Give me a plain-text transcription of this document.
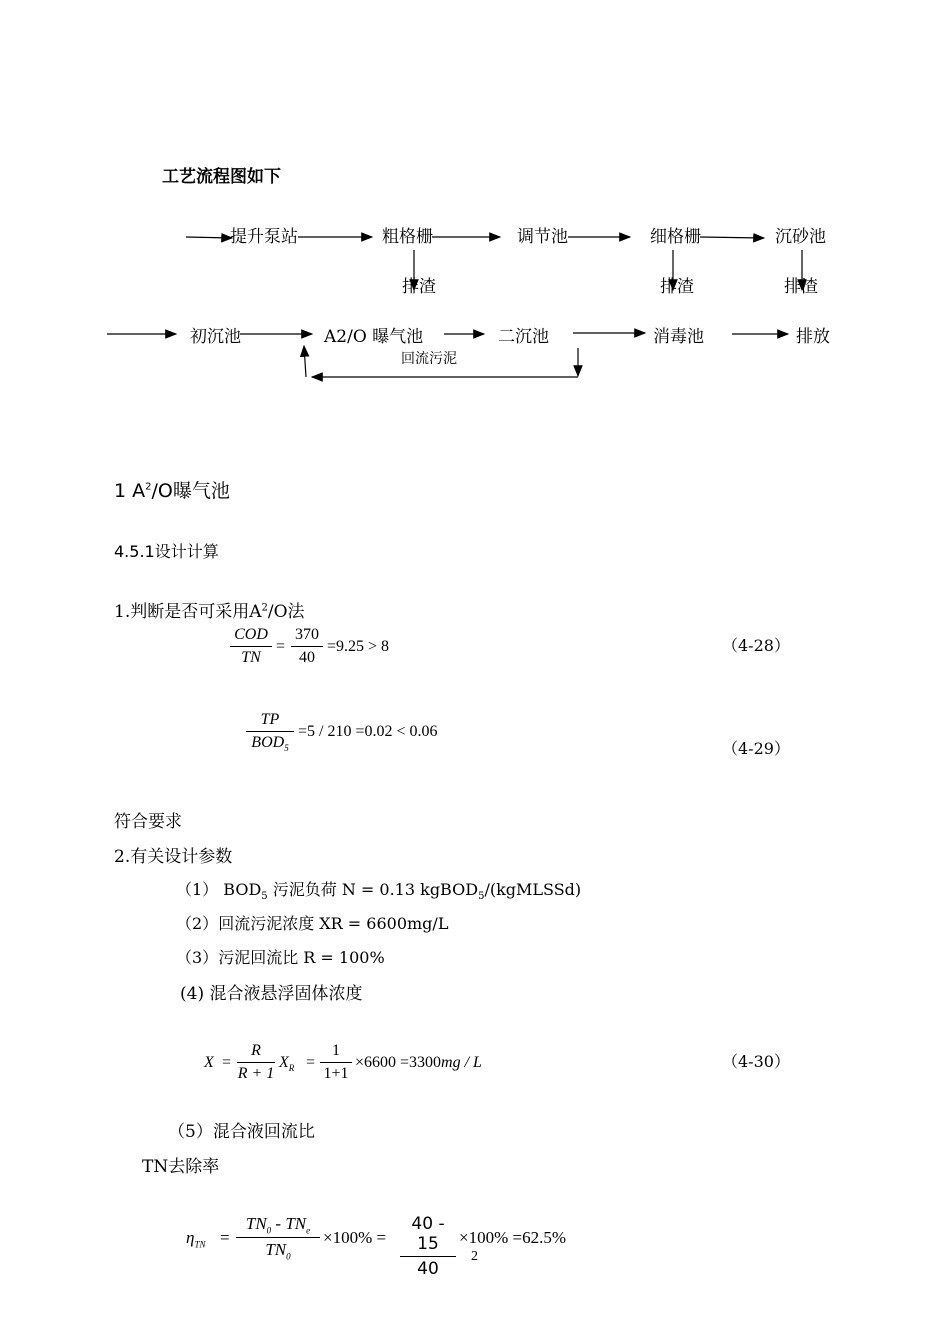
工艺流程图如下
提升泵站	粗格栅	调节池	细格栅	沉砂池
排渣	排渣	排渣
初沉池	A2/O 曝气池	二沉池	消毒池	排放
回流污泥
1 $A^2/O$曝气池
4.5.1设计计算
1.判断是否可采用$A^2/O$法
COD
TN
=
370
40
=9.25 > 8	（4-28）
TP
$BOD_5$
=5 / 210 =0.02 < 0.06
（4-29）
符合要求
2.有关设计参数
（1） $BOD_5$ 污泥负荷 N = 0.13 kgBOD$_5$/(kgMLSSd)
（2）回流污泥浓度 XR = 6600mg/L
（3）污泥回流比 R = 100%
(4) 混合液悬浮固体浓度
X =
R
R + 1
$X_R$ =
1
1+1
×6600 =3300mg / L	（4-30）
（5）混合液回流比
TN去除率
$\eta_{TN}$ =
$TN_0 - TN_e$
$TN_0$
×100% =
40 - 15
40
×100% =62.5%
2
